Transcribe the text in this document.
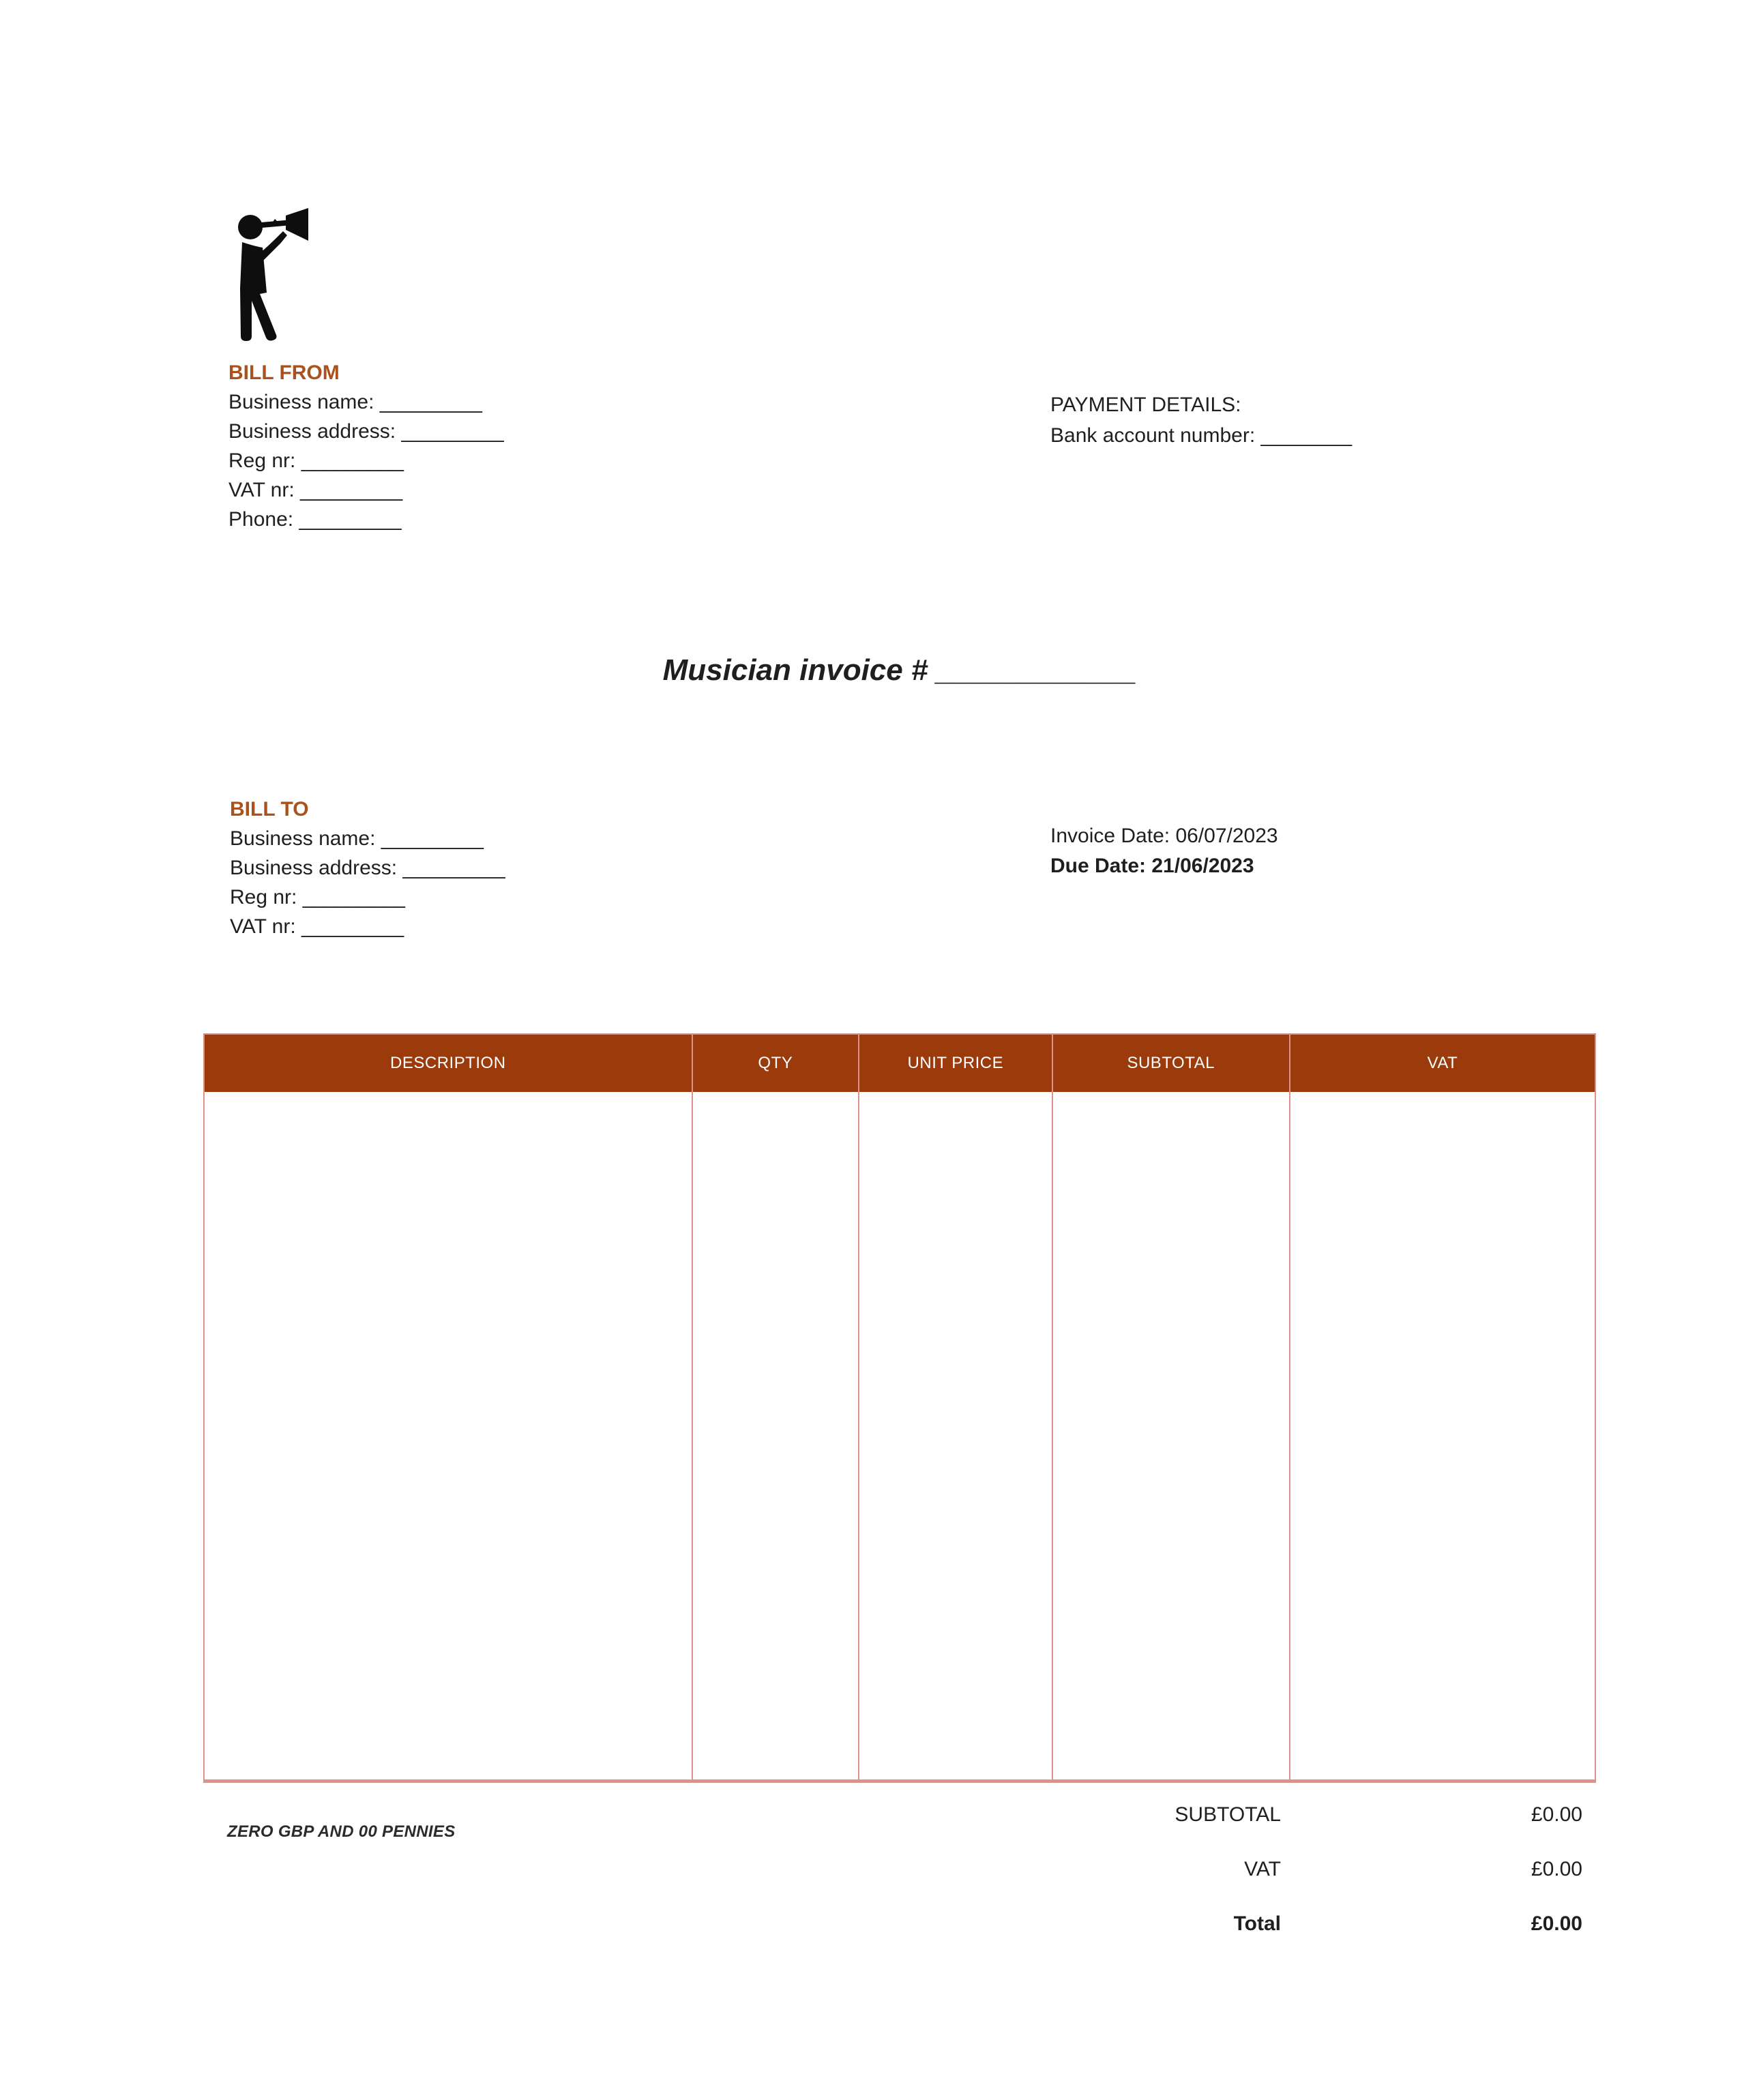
BILL FROM
Business name: _________
Business address: _________
Reg nr: _________
VAT nr: _________
Phone: _________
PAYMENT DETAILS:
Bank account number: ________
Musician invoice # ____________
BILL TO
Business name: _________
Business address: _________
Reg nr: _________
VAT nr: _________
Invoice Date: 06/07/2023
Due Date: 21/06/2023
DESCRIPTION	QTY	UNIT PRICE	SUBTOTAL	VAT
SUBTOTAL	£0.00
VAT	£0.00
Total	£0.00
ZERO GBP AND 00 PENNIES
